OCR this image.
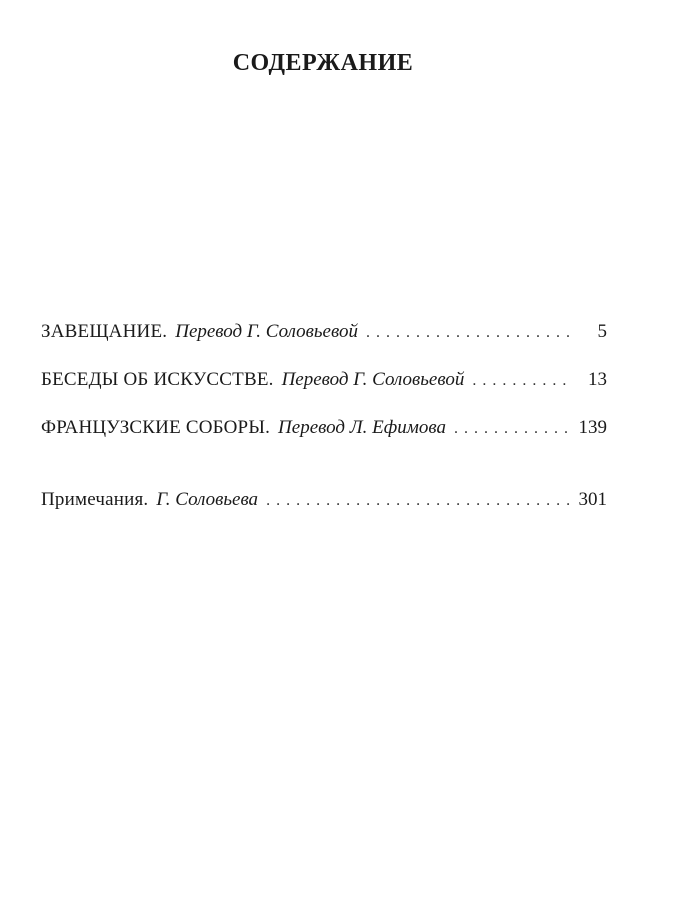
СОДЕРЖАНИЕ
ЗАВЕЩАНИЕ. Перевод Г. Соловьевой . . .	5
БЕСЕДЫ ОБ ИСКУССТВЕ. Перевод Г. Соловьевой . . .	13
ФРАНЦУЗСКИЕ СОБОРЫ. Перевод Л. Ефимова . . .	139
Примечания. Г. Соловьева . . .	301
